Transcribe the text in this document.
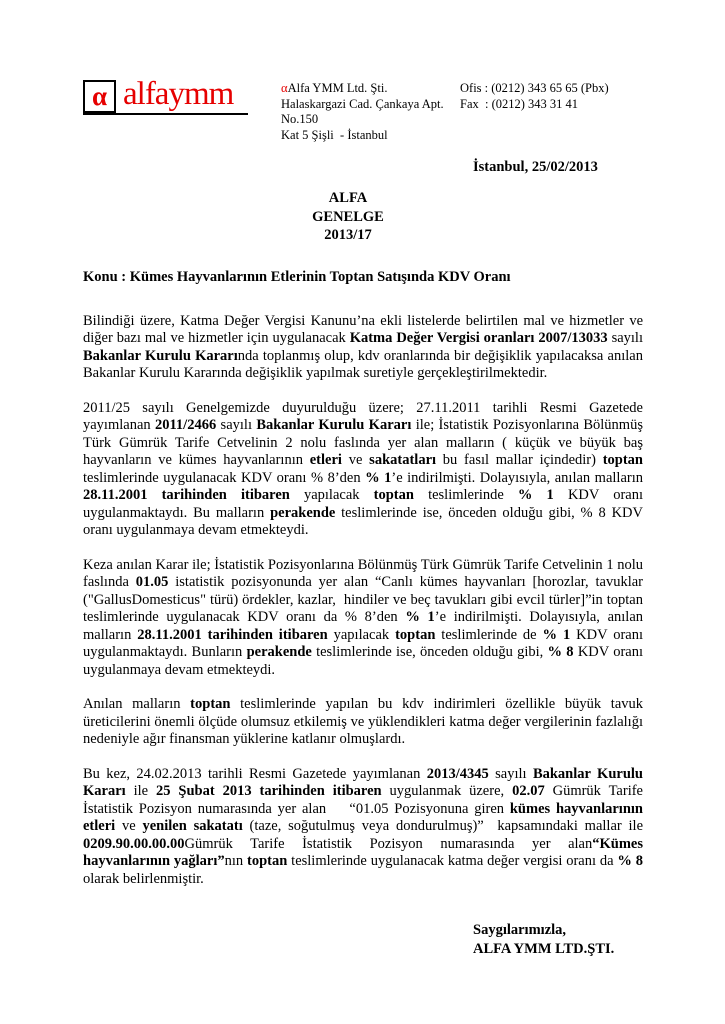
α alfaymm	αAlfa YMM Ltd. Şti.
Halaskargazi Cad. Çankaya Apt. No.150
Kat 5 Şişli  - İstanbul
Ofis : (0212) 343 65 65 (Pbx)
Fax  : (0212) 343 31 41
İstanbul, 25/02/2013
ALFA
GENELGE
2013/17
Konu : Kümes Hayvanlarının Etlerinin Toptan Satışında KDV Oranı

Bilindiği üzere, Katma Değer Vergisi Kanunu’na ekli listelerde belirtilen mal ve hizmetler ve diğer bazı mal ve hizmetler için uygulanacak Katma Değer Vergisi oranları 2007/13033 sayılı Bakanlar Kurulu Kararında toplanmış olup, kdv oranlarında bir değişiklik yapılacaksa anılan Bakanlar Kurulu Kararında değişiklik yapılmak suretiyle gerçekleştirilmektedir.

2011/25 sayılı Genelgemizde duyurulduğu üzere; 27.11.2011 tarihli Resmi Gazetede yayımlanan 2011/2466 sayılı Bakanlar Kurulu Kararı ile; İstatistik Pozisyonlarına Bölünmüş Türk Gümrük Tarife Cetvelinin 2 nolu faslında yer alan malların ( küçük ve büyük baş hayvanların ve kümes hayvanlarının etleri ve sakatatları bu fasıl mallar içindedir) toptan teslimlerinde uygulanacak KDV oranı % 8’den % 1’e indirilmişti. Dolayısıyla, anılan malların 28.11.2001 tarihinden itibaren yapılacak toptan teslimlerinde % 1 KDV oranı uygulanmaktaydı. Bu malların perakende teslimlerinde ise, önceden olduğu gibi, % 8 KDV oranı uygulanmaya devam etmekteydi.

Keza anılan Karar ile; İstatistik Pozisyonlarına Bölünmüş Türk Gümrük Tarife Cetvelinin 1 nolu faslında 01.05 istatistik pozisyonunda yer alan “Canlı kümes hayvanları [horozlar, tavuklar ("GallusDomesticus" türü) ördekler, kazlar,  hindiler ve beç tavukları gibi evcil türler]”in toptan teslimlerinde uygulanacak KDV oranı da % 8’den % 1’e indirilmişti. Dolayısıyla, anılan malların 28.11.2001 tarihinden itibaren yapılacak toptan teslimlerinde de % 1 KDV oranı uygulanmaktaydı. Bunların perakende teslimlerinde ise, önceden olduğu gibi, % 8 KDV oranı uygulanmaya devam etmekteydi.

Anılan malların toptan teslimlerinde yapılan bu kdv indirimleri özellikle büyük tavuk üreticilerini önemli ölçüde olumsuz etkilemiş ve yüklendikleri katma değer vergilerinin fazlalığı nedeniyle ağır finansman yüklerine katlanır olmuşlardı.

Bu kez, 24.02.2013 tarihli Resmi Gazetede yayımlanan 2013/4345 sayılı Bakanlar Kurulu Kararı ile 25 Şubat 2013 tarihinden itibaren uygulanmak üzere, 02.07 Gümrük Tarife İstatistik Pozisyon numarasında yer alan    “01.05 Pozisyonuna giren kümes hayvanlarının etleri ve yenilen sakatatı (taze, soğutulmuş veya dondurulmuş)”  kapsamındaki mallar ile 0209.90.00.00.00Gümrük Tarife İstatistik Pozisyon numarasında yer alan“Kümes hayvanlarının yağları”nın toptan teslimlerinde uygulanacak katma değer vergisi oranı da % 8 olarak belirlenmiştir.

Saygılarımızla,
ALFA YMM LTD.ŞTI.
